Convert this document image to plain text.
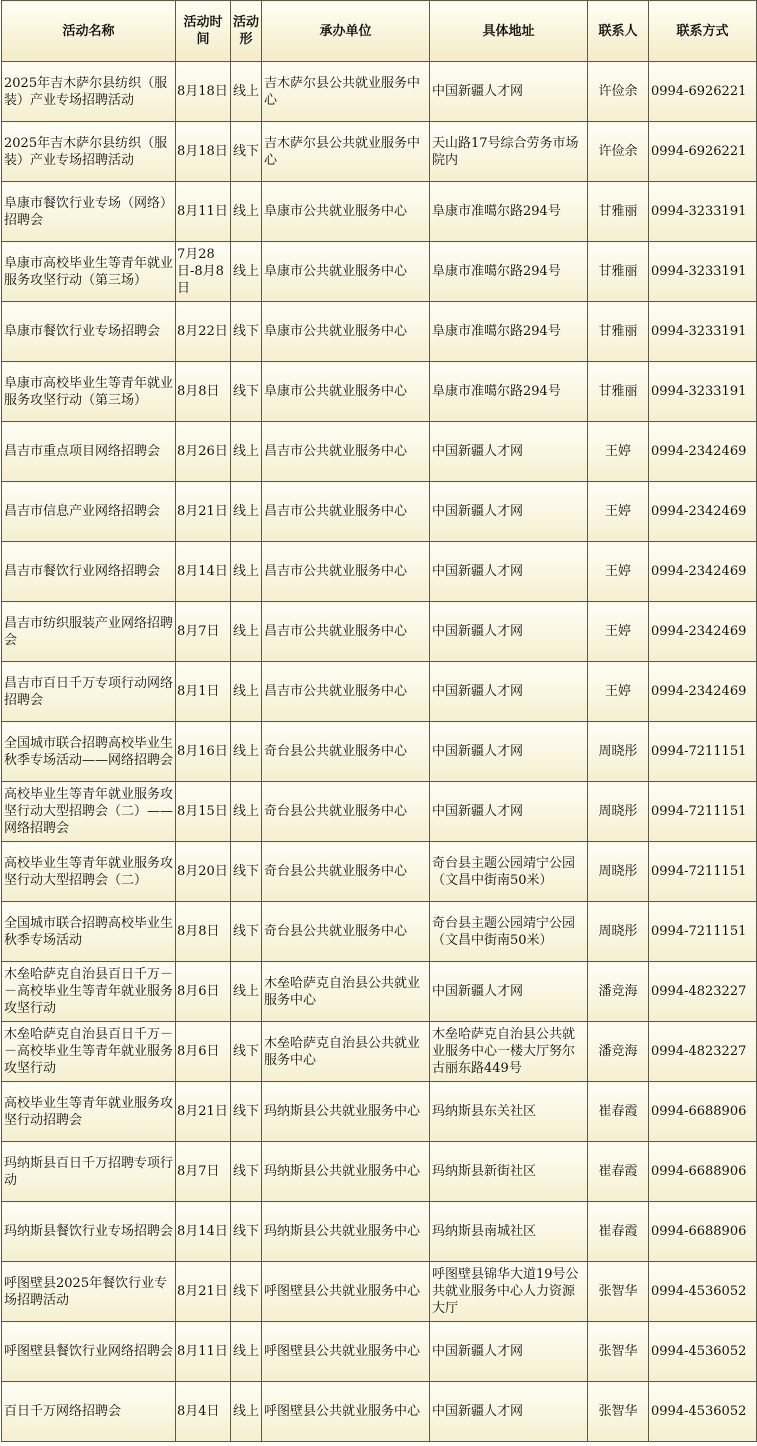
活动名称	活动时间	活动形	承办单位	具体地址	联系人	联系方式
2025年吉木萨尔县纺织（服装）产业专场招聘活动	8月18日	线上	吉木萨尔县公共就业服务中心	中国新疆人才网	许俭余	0994-6926221
2025年吉木萨尔县纺织（服装）产业专场招聘活动	8月18日	线下	吉木萨尔县公共就业服务中心	天山路17号综合劳务市场院内	许俭余	0994-6926221
阜康市餐饮行业专场（网络）招聘会	8月11日	线上	阜康市公共就业服务中心	阜康市准噶尔路294号	甘雅丽	0994-3233191
阜康市高校毕业生等青年就业服务攻坚行动（第三场）	7月28日-8月8日	线上	阜康市公共就业服务中心	阜康市准噶尔路294号	甘雅丽	0994-3233191
阜康市餐饮行业专场招聘会	8月22日	线下	阜康市公共就业服务中心	阜康市准噶尔路294号	甘雅丽	0994-3233191
阜康市高校毕业生等青年就业服务攻坚行动（第三场）	8月8日	线下	阜康市公共就业服务中心	阜康市准噶尔路294号	甘雅丽	0994-3233191
昌吉市重点项目网络招聘会	8月26日	线上	昌吉市公共就业服务中心	中国新疆人才网	王婷	0994-2342469
昌吉市信息产业网络招聘会	8月21日	线上	昌吉市公共就业服务中心	中国新疆人才网	王婷	0994-2342469
昌吉市餐饮行业网络招聘会	8月14日	线上	昌吉市公共就业服务中心	中国新疆人才网	王婷	0994-2342469
昌吉市纺织服装产业网络招聘会	8月7日	线上	昌吉市公共就业服务中心	中国新疆人才网	王婷	0994-2342469
昌吉市百日千万专项行动网络招聘会	8月1日	线上	昌吉市公共就业服务中心	中国新疆人才网	王婷	0994-2342469
全国城市联合招聘高校毕业生秋季专场活动——网络招聘会	8月16日	线上	奇台县公共就业服务中心	中国新疆人才网	周晓彤	0994-7211151
高校毕业生等青年就业服务攻坚行动大型招聘会（二）——网络招聘会	8月15日	线上	奇台县公共就业服务中心	中国新疆人才网	周晓彤	0994-7211151
高校毕业生等青年就业服务攻坚行动大型招聘会（二）	8月20日	线下	奇台县公共就业服务中心	奇台县主题公园靖宁公园（文昌中街南50米）	周晓彤	0994-7211151
全国城市联合招聘高校毕业生秋季专场活动	8月8日	线下	奇台县公共就业服务中心	奇台县主题公园靖宁公园（文昌中街南50米）	周晓彤	0994-7211151
木垒哈萨克自治县百日千万－－高校毕业生等青年就业服务攻坚行动	8月6日	线上	木垒哈萨克自治县公共就业服务中心	中国新疆人才网	潘竞海	0994-4823227
木垒哈萨克自治县百日千万－－高校毕业生等青年就业服务攻坚行动	8月6日	线下	木垒哈萨克自治县公共就业服务中心	木垒哈萨克自治县公共就业服务中心一楼大厅努尔古丽东路449号	潘竞海	0994-4823227
高校毕业生等青年就业服务攻坚行动招聘会	8月21日	线下	玛纳斯县公共就业服务中心	玛纳斯县东关社区	崔春霞	0994-6688906
玛纳斯县百日千万招聘专项行动	8月7日	线下	玛纳斯县公共就业服务中心	玛纳斯县新街社区	崔春霞	0994-6688906
玛纳斯县餐饮行业专场招聘会	8月14日	线下	玛纳斯县公共就业服务中心	玛纳斯县南城社区	崔春霞	0994-6688906
呼图壁县2025年餐饮行业专场招聘活动	8月21日	线下	呼图壁县公共就业服务中心	呼图壁县锦华大道19号公共就业服务中心人力资源大厅	张智华	0994-4536052
呼图壁县餐饮行业网络招聘会	8月11日	线上	呼图壁县公共就业服务中心	中国新疆人才网	张智华	0994-4536052
百日千万网络招聘会	8月4日	线上	呼图壁县公共就业服务中心	中国新疆人才网	张智华	0994-4536052
